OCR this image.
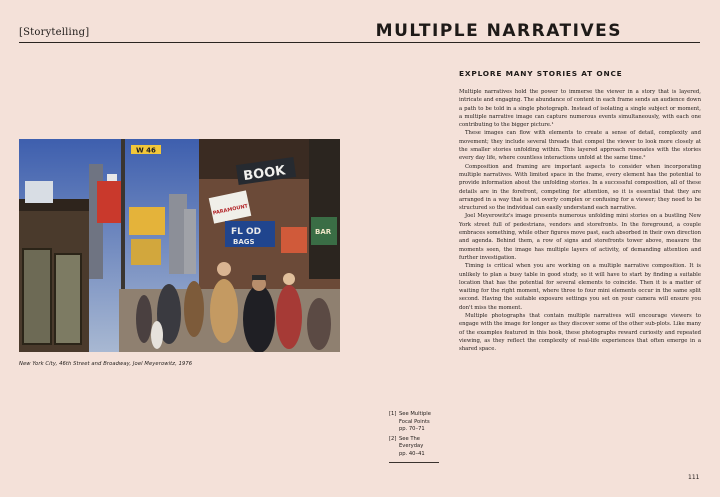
[Storytelling]	MULTIPLE NARRATIVES
EXPLORE MANY STORIES AT ONCE

Multiple narratives hold the power to immerse the viewer in a story that is layered, intricate and engaging. The abundance of content in each frame sends an audience down a path to be told in a single photograph. Instead of isolating a single subject or moment, a multiple narrative image can capture numerous events simultaneously, with each one contributing to the bigger picture.¹

These images can flow with elements to create a sense of detail, complexity and movement; they include several threads that compel the viewer to look more closely at the smaller stories unfolding within. This layered approach resonates with the stories every day life, where countless interactions unfold at the same time.²

Composition and framing are important aspects to consider when incorporating multiple narratives. With limited space in the frame, every element has the potential to provide information about the unfolding stories. In a successful composition, all of these details are in the forefront, competing for attention, so it is essential that they are arranged in a way that is not overly complex or confusing for a viewer; they need to be structured so the individual can easily understand each narrative.

Joel Meyerowitz's image presents numerous unfolding mini stories on a bustling New York street full of pedestrians, vendors and storefronts. In the foreground, a couple embraces something, while other figures move past, each absorbed in their own direction and agenda. Behind them, a row of signs and storefronts tower above, measure the moments seen, the image has multiple layers of activity, of demanding attention and further investigation.

Timing is critical when you are working on a multiple narrative composition. It is unlikely to plan a busy table in good study, so it will have to start by finding a suitable location that has the potential for several elements to coincide. Then it is a matter of waiting for the right moment, where three to four mini elements occur in the same split second. Having the suitable exposure settings you set on your camera will ensure you don't miss the moment.

Multiple photographs that contain multiple narratives will encourage viewers to engage with the image for longer as they discover some of the other sub-plots. Like many of the examples featured in this book, these photographs reward curiosity and repeated viewing, as they reflect the complexity of real-life experiences that often emerge in a shared space.

W 46
BOOK
PARAMOUNT
FL OD
BAGS
BAR
New York City, 46th Street and Broadway, Joel Meyerowitz, 1976
[1] See Multiple Focal Points
pp. 70–71
[2] See The Everyday
pp. 40–41
111
